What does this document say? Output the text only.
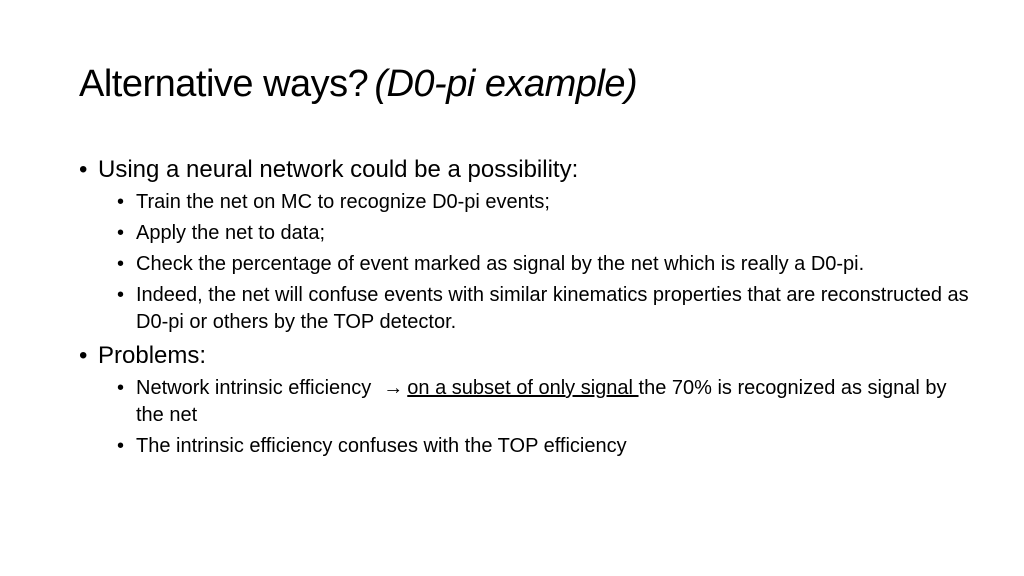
Alternative ways? (D0-pi example)
• Using a neural network could be a possibility:
• Train the net on MC to recognize D0-pi events;
• Apply the net to data;
• Check the percentage of event marked as signal by the net which is really a D0-pi.
• Indeed, the net will confuse events with similar kinematics properties that are reconstructed as D0-pi or others by the TOP detector.
• Problems:
• Network intrinsic efficiency → on a subset of only signal the 70% is recognized as signal by the net
• The intrinsic efficiency confuses with the TOP efficiency
